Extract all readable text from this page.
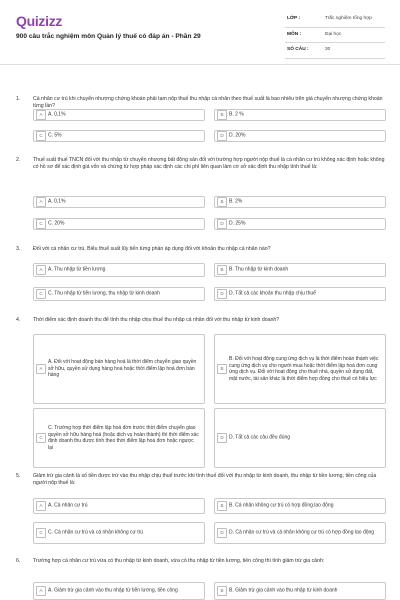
Quizizz
900 câu trắc nghiệm môn Quản lý thuế có đáp án - Phần 29
LỚP :	Trắc nghiệm tổng hợp
MÔN :	Đại học
SỐ CÂU :	30
1. Cá nhân cư trú khi chuyển nhượng chứng khoán phải tạm nộp thuế thu nhập cá nhân theo thuế suất là bao nhiêu trên giá chuyển nhượng chứng khoán từng lần?
A	A. 0,1%	B	B. 2 %
C	C. 5%	D	D. 20%
2. Thuế suất thuế TNCN đối với thu nhập từ chuyển nhượng bất động sản đối với trường hợp người nộp thuế là cá nhân cư trú không xác định hoặc không có hồ sơ để xác định giá vốn và chứng từ hợp pháp xác định các chi phí liên quan làm cơ sở xác định thu nhập tính thuế là:
A	A. 0,1%	B	B. 2%
C	C. 20%	D	D. 25%
3. Đối với cá nhân cư trú, Biểu thuế suất lũy tiến từng phần áp dụng đối với khoản thu nhập cá nhân nào?
A	A. Thu nhập từ tiền lương	B	B. Thu nhập từ kinh doanh
C	C. Thu nhập từ tiền lương, thu nhập từ kinh doanh	D	D. Tất cả các khoản thu nhập chịu thuế
4. Thời điểm xác định doanh thu để tính thu nhập chịu thuế thu nhập cá nhân đối với thu nhập từ kinh doanh?
A
A. Đối với hoạt động bán hàng hoá là thời điểm chuyển giao quyền sở hữu, quyền sử dụng hàng hoá hoặc thời điểm lập hoá đơn bán hàng
B
B. Đối với hoạt động cung ứng dịch vụ là thời điểm hoàn thành việc cung ứng dịch vụ cho người mua hoặc thời điểm lập hoá đơn cung ứng dịch vụ. Đối với hoạt động cho thuê nhà, quyền sử dụng đất, mặt nước, tài sản khác là thời điểm hợp đồng cho thuê có hiệu lực
C
C. Trường hợp thời điểm lập hoá đơn trước thời điểm chuyển giao quyền sở hữu hàng hoá (hoặc dịch vụ hoàn thành) thì thời điểm xác định doanh thu được tính theo thời điểm lập hoá đơn hoặc ngược lại
D	D. Tất cả các câu đều đúng
5. Giảm trừ gia cảnh là số tiền được trừ vào thu nhập chịu thuế trước khi tính thuế đối với thu nhập từ kinh doanh, thu nhập từ tiền lương, tiền công của người nộp thuế là:
A	A. Cá nhân cư trú	B	B. Cá nhân không cư trú có hợp đồng lao động
C	C. Cá nhân cư trú và cá nhân không cư trú	D	D. Cá nhân cư trú và cá nhân không cư trú có hợp đồng lao động
6. Trường hợp cá nhân cư trú vừa có thu nhập từ kinh doanh, vừa có thu nhập từ tiền lương, tiền công thì tính giảm trừ gia cảnh:
A	A. Giảm trừ gia cảnh vào thu nhập từ tiền lương, tiền công	B	B. Giảm trừ gia cảnh vào thu nhập từ kinh doanh
